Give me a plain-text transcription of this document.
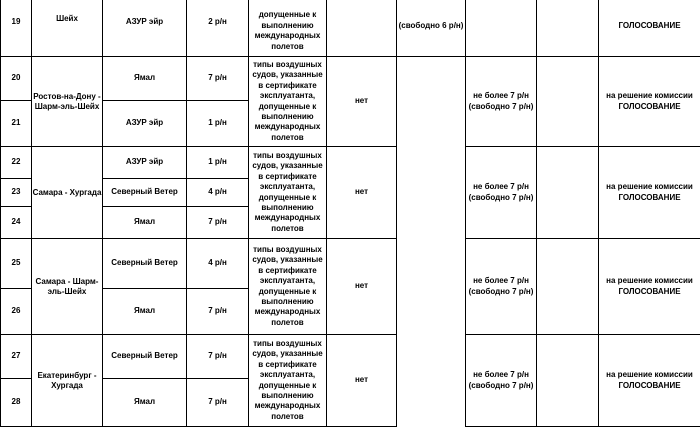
19	Шейх	АЗУР эйр	2 р/н	допущенные к выполнению международных полетов		(свободно 6 р/н)			ГОЛОСОВАНИЕ
20	Ростов-на-Дону - Шарм-эль-Шейх	Ямал	7 р/н	типы воздушных судов, указанные в сертификате эксплуатанта, допущенные к выполнению международных полетов	нет		не более 7 р/н (свободно 7 р/н)		на решение комиссии ГОЛОСОВАНИЕ
21		АЗУР эйр	1 р/н						
22	Самара - Хургада	АЗУР эйр	1 р/н	типы воздушных судов, указанные в сертификате эксплуатанта, допущенные к выполнению международных полетов	нет		не более 7 р/н (свободно 7 р/н)		на решение комиссии ГОЛОСОВАНИЕ
23		Северный Ветер	4 р/н						
24		Ямал	7 р/н						
25	Самара - Шарм-эль-Шейх	Северный Ветер	4 р/н	типы воздушных судов, указанные в сертификате эксплуатанта, допущенные к выполнению международных полетов	нет		не более 7 р/н (свободно 7 р/н)		на решение комиссии ГОЛОСОВАНИЕ
26		Ямал	7 р/н						
27	Екатеринбург - Хургада	Северный Ветер	7 р/н	типы воздушных судов, указанные в сертификате эксплуатанта, допущенные к выполнению международных полетов	нет		не более 7 р/н (свободно 7 р/н)		на решение комиссии ГОЛОСОВАНИЕ
28		Ямал	7 р/н						
